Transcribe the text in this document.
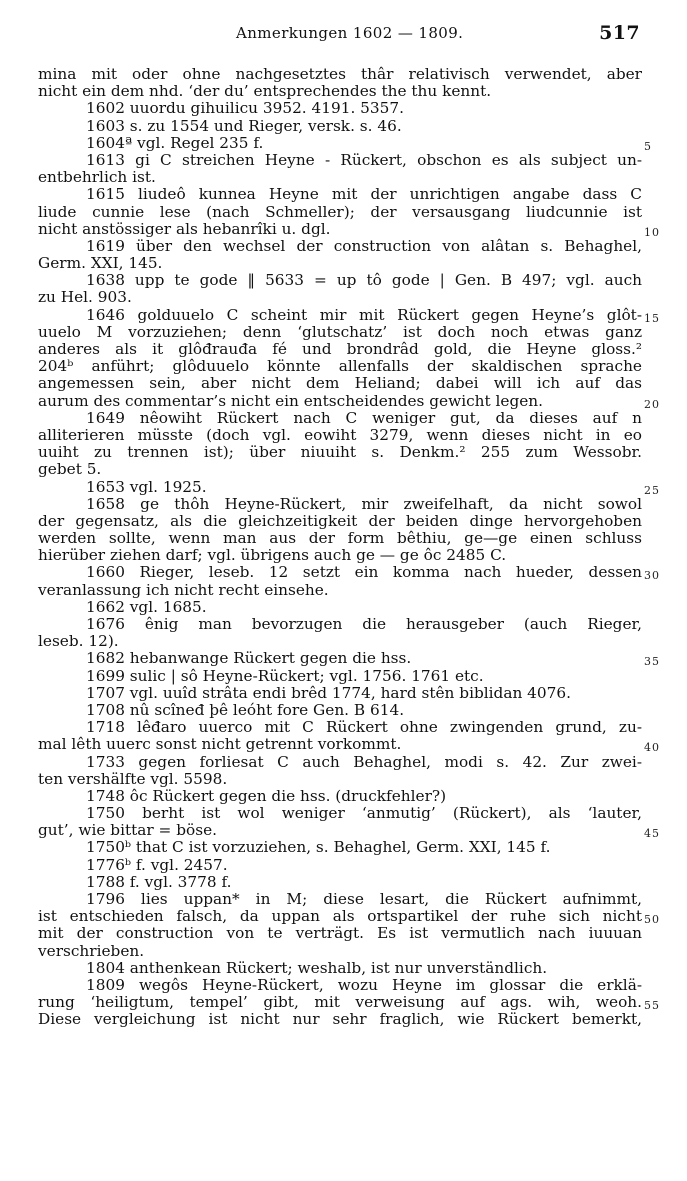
Anmerkungen 1602 — 1809.	517
mina mit oder ohne nachgesetztes thâr relativisch verwendet, aber
nicht ein dem nhd. ‘der du’ entsprechendes the thu kennt.
1602 uuordu gihuilicu 3952. 4191. 5357.
1603 s. zu 1554 und Rieger, versk. s. 46.
1604ª vgl. Regel 235 f.	5
1613 gi C streichen Heyne - Rückert, obschon es als subject un-
entbehrlich ist.
1615 liudeô kunnea Heyne mit der unrichtigen angabe dass C
liude cunnie lese (nach Schmeller); der versausgang liudcunnie ist
nicht anstössiger als hebanrîki u. dgl.	10
1619 über den wechsel der construction von alâtan s. Behaghel,
Germ. XXI, 145.
1638 upp te gode ‖ 5633 = up tô gode | Gen. B 497; vgl. auch
zu Hel. 903.
1646 golduuelo C scheint mir mit Rückert gegen Heyne’s glôt- 15
uuelo M vorzuziehen; denn ‘glutschatz’ ist doch noch etwas ganz
anderes als it glôđrauđa fé und brondrâd gold, die Heyne gloss.²
204ᵇ anführt; glôduuelo könnte allenfalls der skaldischen sprache
angemessen sein, aber nicht dem Heliand; dabei will ich auf das
aurum des commentar’s nicht ein entscheidendes gewicht legen.	20
1649 nêowiht Rückert nach C weniger gut, da dieses auf n
alliterieren müsste (doch vgl. eowiht 3279, wenn dieses nicht in eo
uuiht zu trennen ist); über niuuiht s. Denkm.² 255 zum Wessobr.
gebet 5.
1653 vgl. 1925.	25
1658 ge thôh Heyne-Rückert, mir zweifelhaft, da nicht sowol
der gegensatz, als die gleichzeitigkeit der beiden dinge hervorgehoben
werden sollte, wenn man aus der form bêthiu, ge—ge einen schluss
hierüber ziehen darf; vgl. übrigens auch ge — ge ôc 2485 C.
1660 Rieger, leseb. 12 setzt ein komma nach hueder, dessen 30
veranlassung ich nicht recht einsehe.
1662 vgl. 1685.
1676 ênig man bevorzugen die herausgeber (auch Rieger,
leseb. 12).
1682 hebanwange Rückert gegen die hss.	35
1699 sulic | sô Heyne-Rückert; vgl. 1756. 1761 etc.
1707 vgl. uuîd strâta endi brêd 1774, hard stên biblidan 4076.
1708 nû scîneđ þê leóht fore Gen. B 614.
1718 lêđaro uuerco mit C Rückert ohne zwingenden grund, zu-
mal lêth uuerc sonst nicht getrennt vorkommt.	40
1733 gegen forliesat C auch Behaghel, modi s. 42. Zur zwei-
ten vershälfte vgl. 5598.
1748 ôc Rückert gegen die hss. (druckfehler?)
1750 berht ist wol weniger ‘anmutig’ (Rückert), als ‘lauter,
gut’, wie bittar = böse.	45
1750ᵇ that C ist vorzuziehen, s. Behaghel, Germ. XXI, 145 f.
1776ᵇ f. vgl. 2457.
1788 f. vgl. 3778 f.
1796 lies uppan* in M; diese lesart, die Rückert aufnimmt,
ist entschieden falsch, da uppan als ortspartikel der ruhe sich nicht 50
mit der construction von te verträgt. Es ist vermutlich nach iuuuan
verschrieben.
1804 anthenkean Rückert; weshalb, ist nur unverständlich.
1809 wegôs Heyne-Rückert, wozu Heyne im glossar die erklä-
rung ‘heiligtum, tempel’ gibt, mit verweisung auf ags. wih, weoh. 55
Diese vergleichung ist nicht nur sehr fraglich, wie Rückert bemerkt,
